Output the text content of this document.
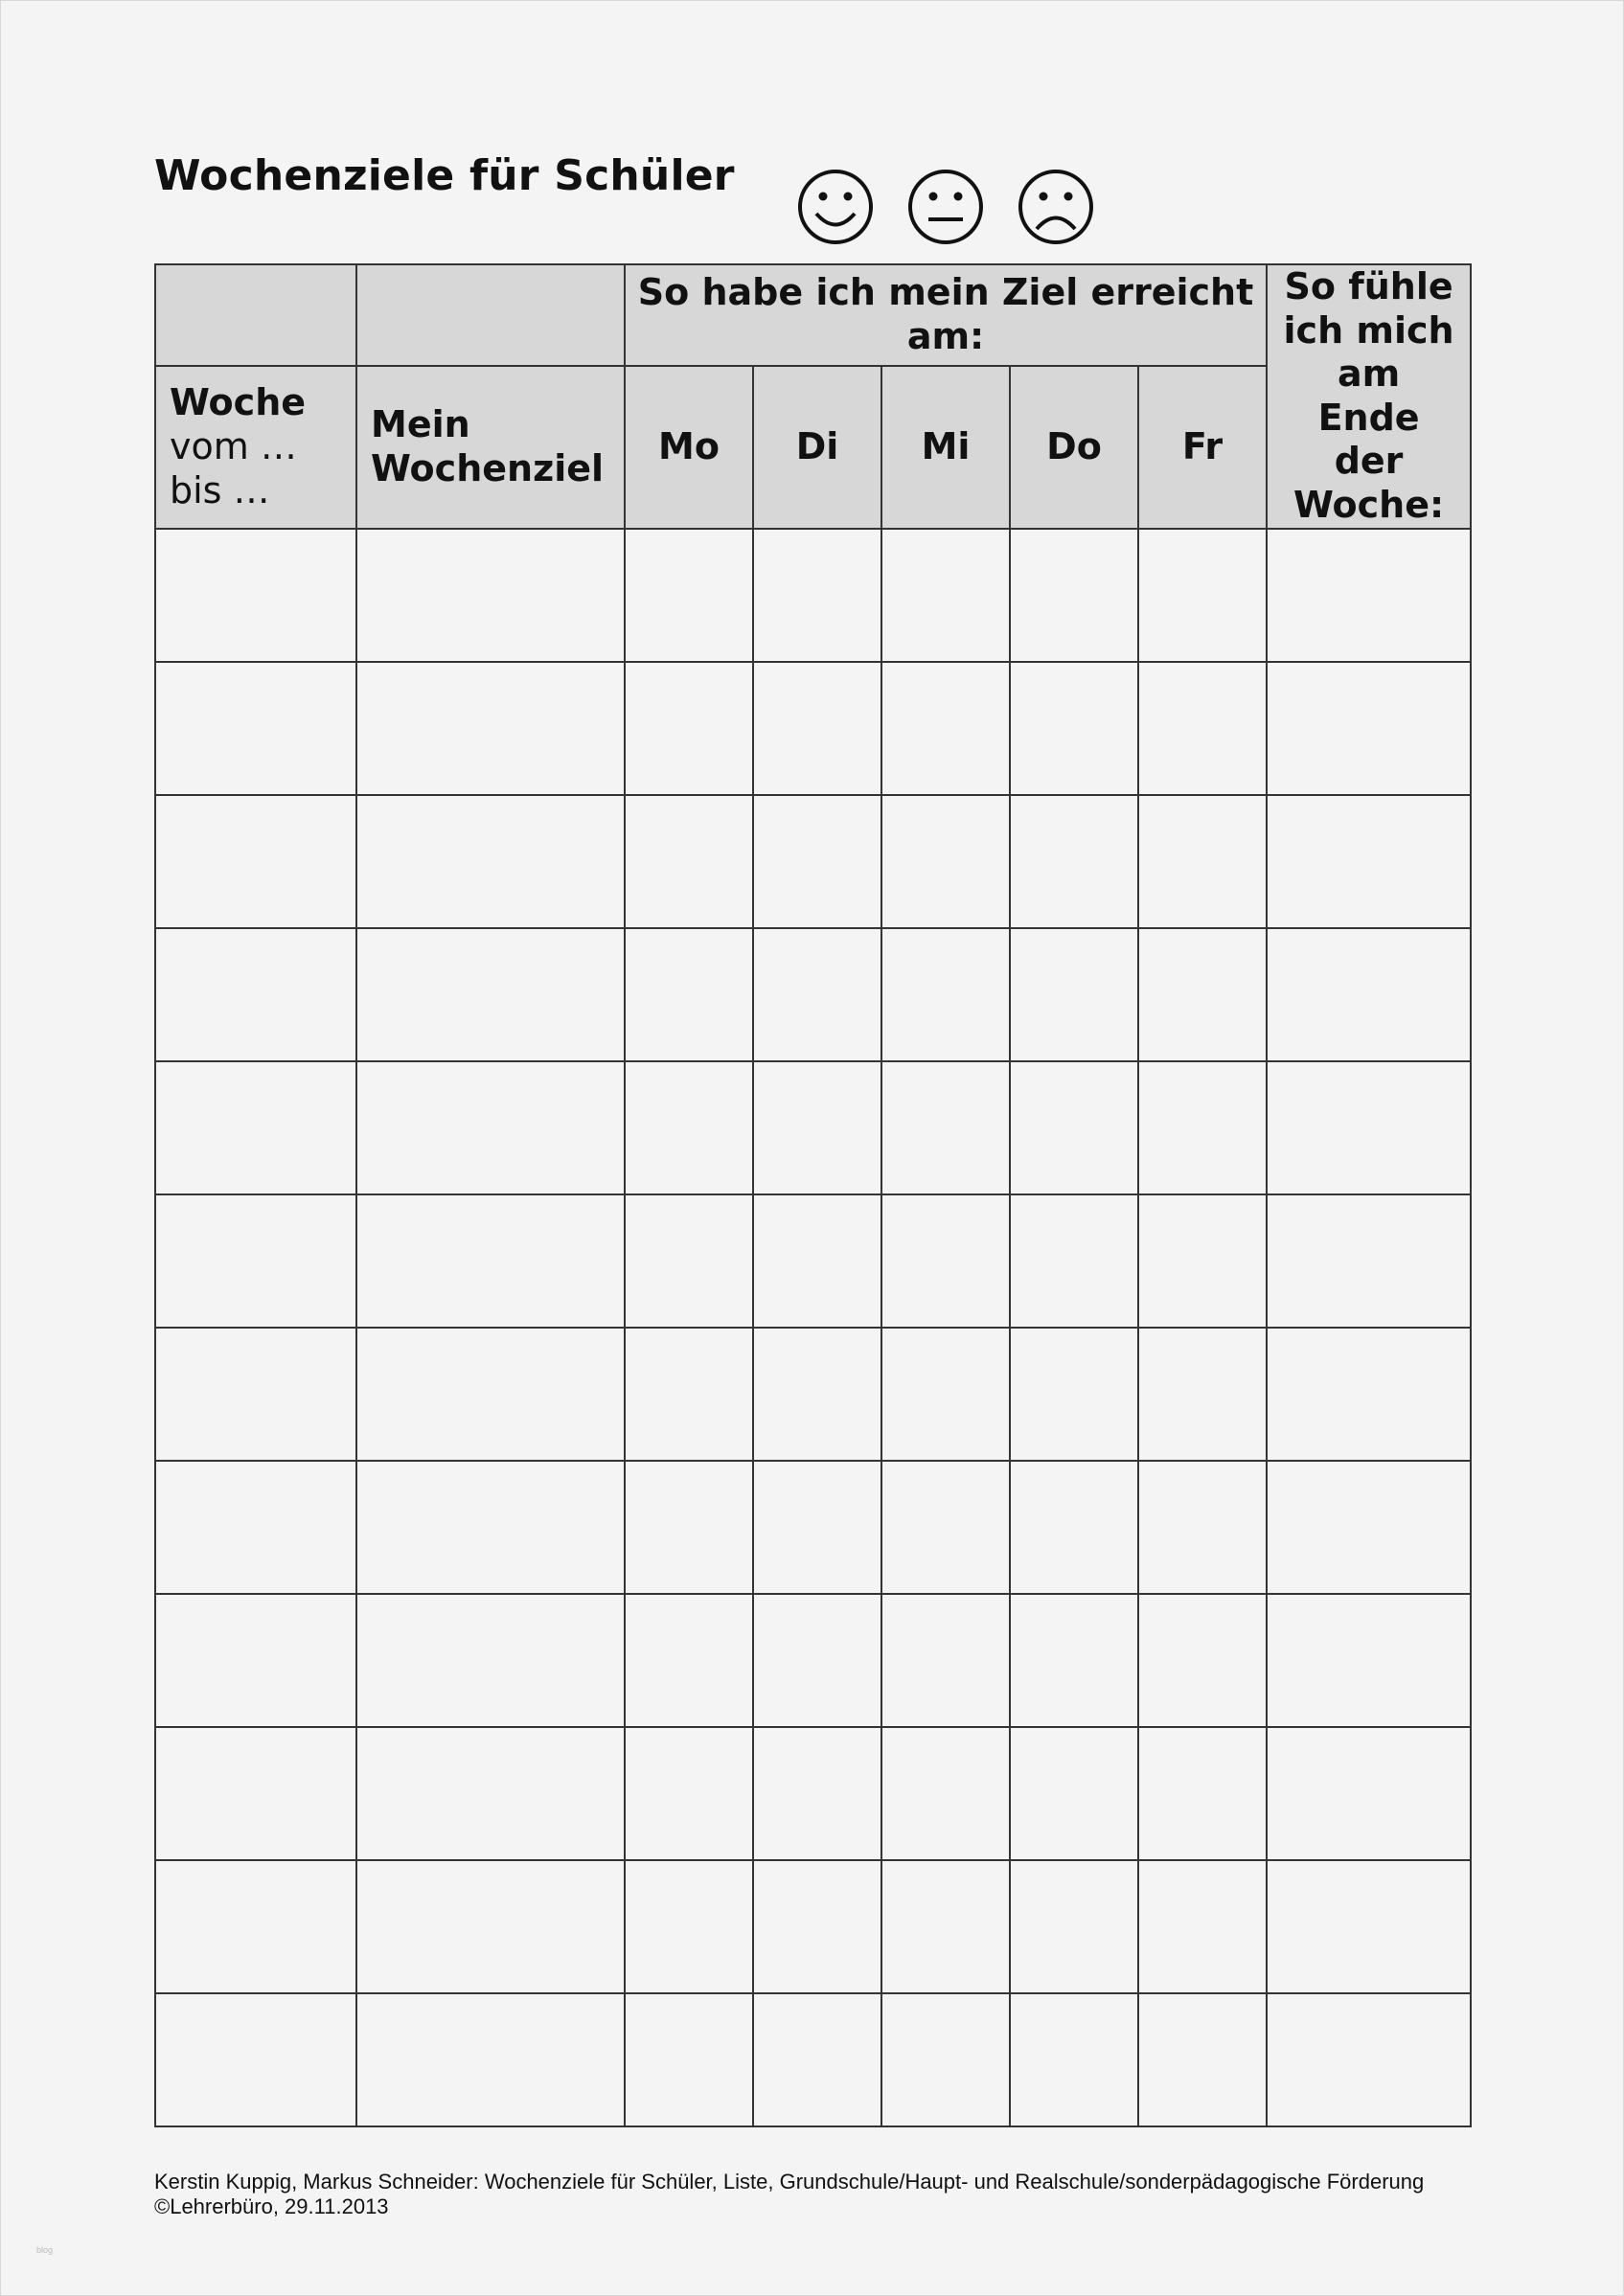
Wochenziele für Schüler
		So habe ich mein Ziel erreicht am:					So fühle ich mich am Ende der Woche:
Woche
vom … bis …	Mein Wochenziel	Mo	Di	Mi	Do	Fr	

Kerstin Kuppig, Markus Schneider: Wochenziele für Schüler, Liste, Grundschule/Haupt- und Realschule/sonderpädagogische Förderung
©Lehrerbüro, 29.11.2013
blog
